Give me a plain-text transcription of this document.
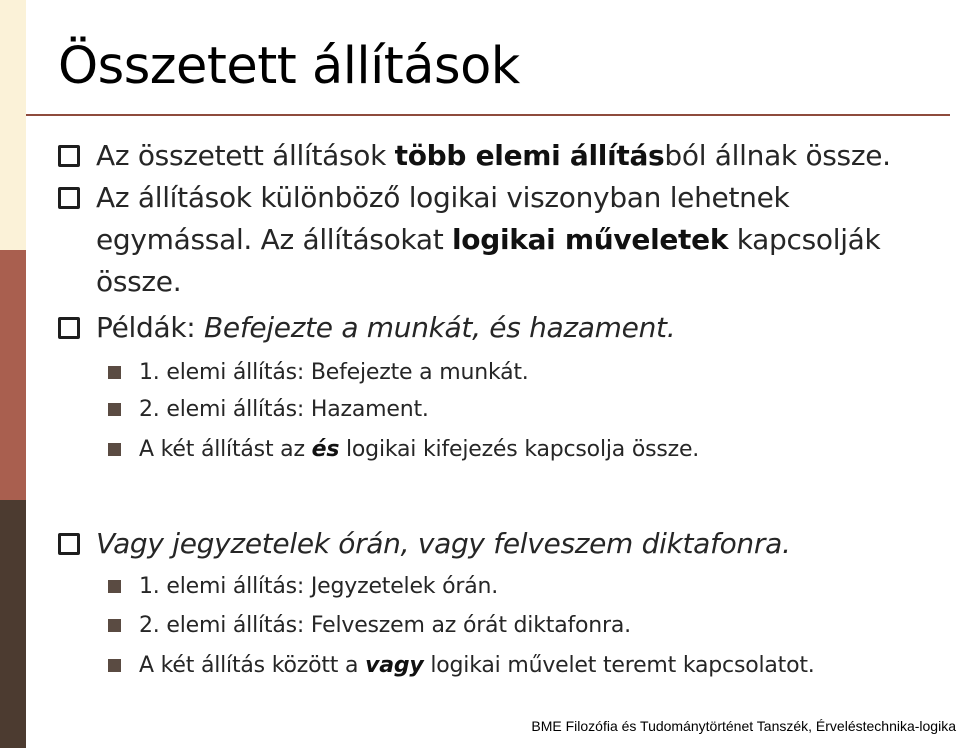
Összetett állítások
Az összetett állítások több elemi állításból állnak össze.
Az állítások különböző logikai viszonyban lehetnek
egymással. Az állításokat logikai műveletek kapcsolják
össze.
Példák: Befejezte a munkát, és hazament.
1. elemi állítás: Befejezte a munkát.
2. elemi állítás: Hazament.
A két állítást az és logikai kifejezés kapcsolja össze.
Vagy jegyzetelek órán, vagy felveszem diktafonra.
1. elemi állítás: Jegyzetelek órán.
2. elemi állítás: Felveszem az órát diktafonra.
A két állítás között a vagy logikai művelet teremt kapcsolatot.
BME Filozófia és Tudománytörténet Tanszék, Érveléstechnika-logika
